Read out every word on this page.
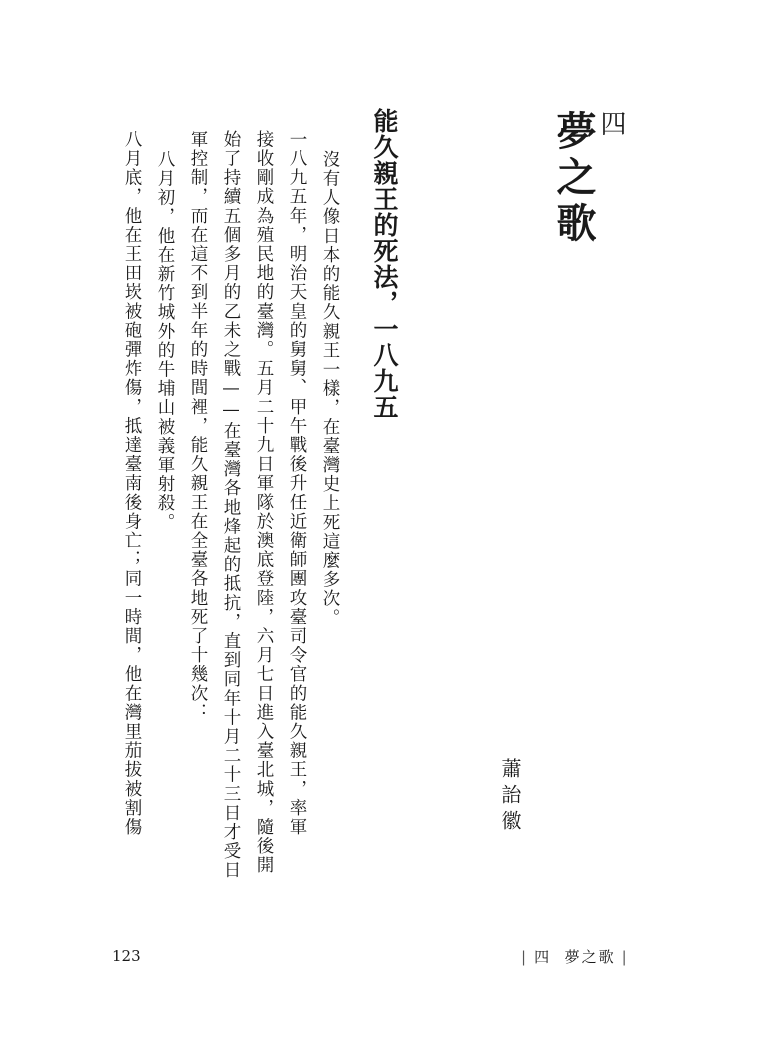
四
夢之歌
能久親王的死法，一八九五
沒有人像日本的能久親王一樣，在臺灣史上死這麼多次。
一八九五年，明治天皇的舅舅、甲午戰後升任近衛師團攻臺司令官的能久親王，率軍
接收剛成為殖民地的臺灣。五月二十九日軍隊於澳底登陸，六月七日進入臺北城，隨後開
始了持續五個多月的乙未之戰——在臺灣各地烽起的抵抗，直到同年十月二十三日才受日
軍控制，而在這不到半年的時間裡，能久親王在全臺各地死了十幾次：
八月初，他在新竹城外的牛埔山被義軍射殺。
八月底，他在王田崁被砲彈炸傷，抵達臺南後身亡；同一時間，他在灣里茄拔被割傷	蕭詒徽
123	| 四 夢之歌 |
